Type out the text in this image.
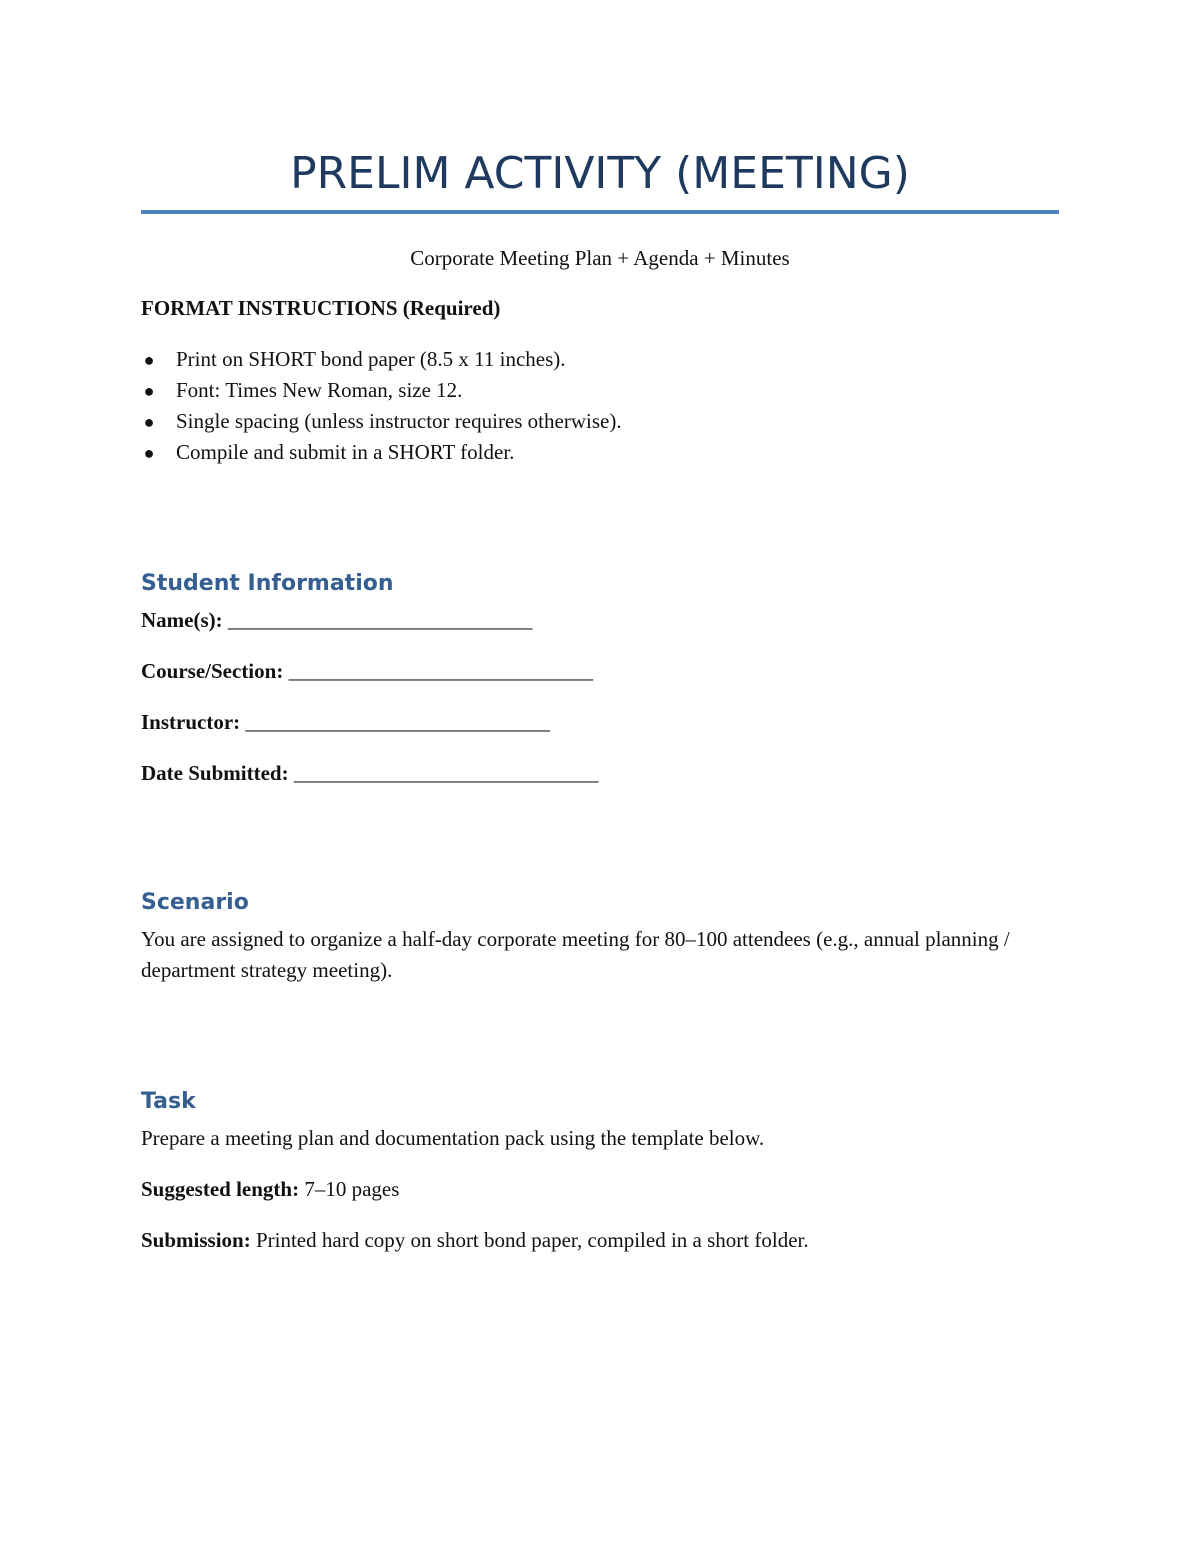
PRELIM ACTIVITY (MEETING)
Corporate Meeting Plan + Agenda + Minutes
FORMAT INSTRUCTIONS (Required)
● Print on SHORT bond paper (8.5 x 11 inches).
● Font: Times New Roman, size 12.
● Single spacing (unless instructor requires otherwise).
● Compile and submit in a SHORT folder.
Student Information
Name(s): _____________________________
Course/Section: _____________________________
Instructor: _____________________________
Date Submitted: _____________________________
Scenario
You are assigned to organize a half-day corporate meeting for 80–100 attendees (e.g., annual planning / department strategy meeting).
Task
Prepare a meeting plan and documentation pack using the template below.
Suggested length: 7–10 pages
Submission: Printed hard copy on short bond paper, compiled in a short folder.
